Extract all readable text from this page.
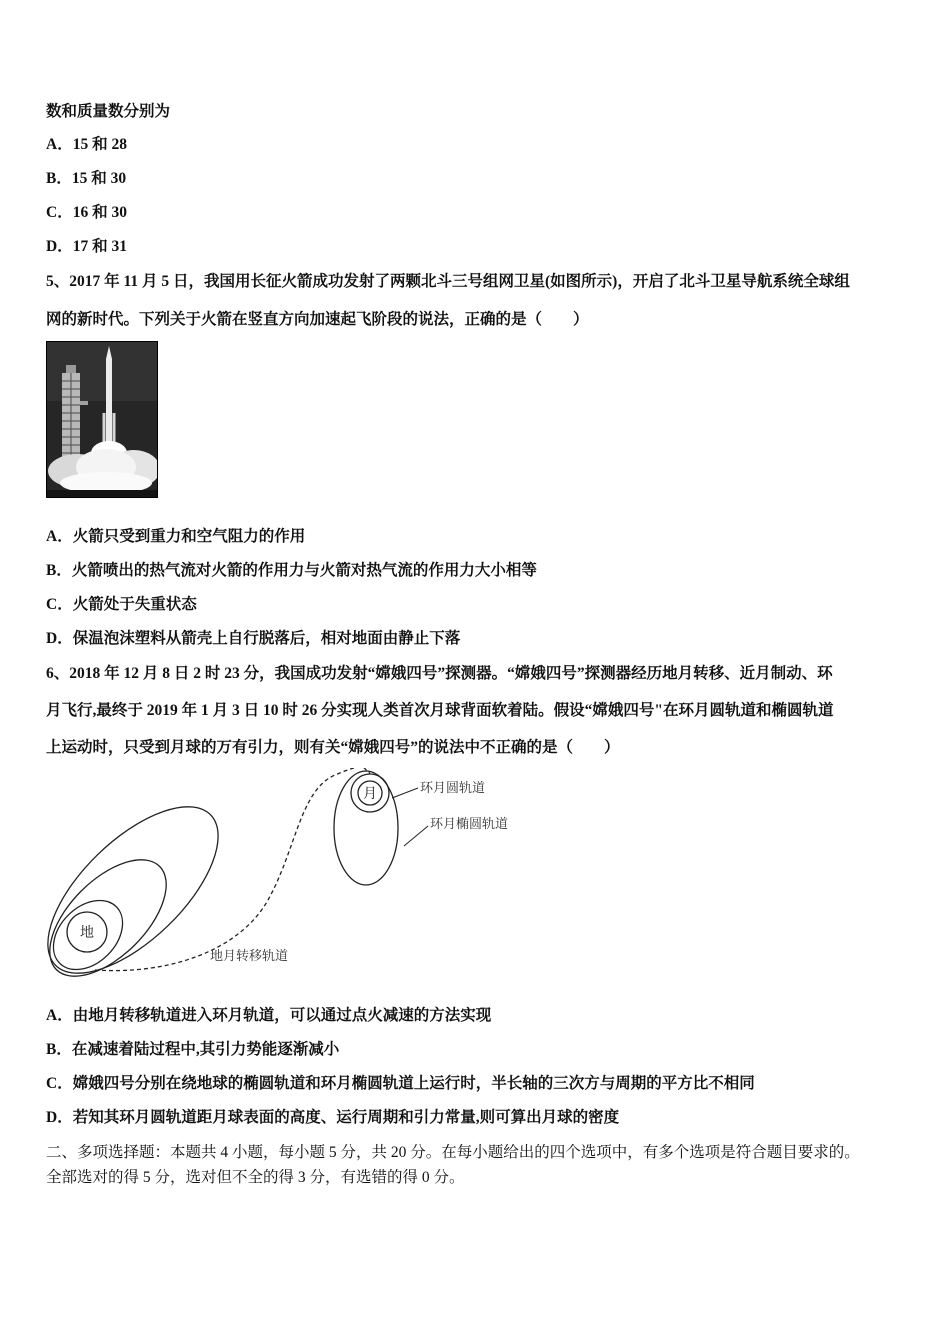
数和质量数分别为
A．15 和 28
B．15 和 30
C．16 和 30
D．17 和 31
5、2017 年 11 月 5 日，我国用长征火箭成功发射了两颗北斗三号组网卫星(如图所示)，开启了北斗卫星导航系统全球组
网的新时代。下列关于火箭在竖直方向加速起飞阶段的说法，正确的是（　　）
A．火箭只受到重力和空气阻力的作用
B．火箭喷出的热气流对火箭的作用力与火箭对热气流的作用力大小相等
C．火箭处于失重状态
D．保温泡沫塑料从箭壳上自行脱落后，相对地面由静止下落
6、2018 年 12 月 8 日 2 时 23 分，我国成功发射“嫦娥四号”探测器。“嫦娥四号”探测器经历地月转移、近月制动、环
月飞行,最终于 2019 年 1 月 3 日 10 时 26 分实现人类首次月球背面软着陆。假设“嫦娥四号"在环月圆轨道和椭圆轨道
上运动时，只受到月球的万有引力，则有关“嫦娥四号”的说法中不正确的是（　　）
地
月	环月圆轨道
环月椭圆轨道
地月转移轨道
A．由地月转移轨道进入环月轨道，可以通过点火减速的方法实现
B．在减速着陆过程中,其引力势能逐渐减小
C．嫦娥四号分别在绕地球的椭圆轨道和环月椭圆轨道上运行时，半长轴的三次方与周期的平方比不相同
D．若知其环月圆轨道距月球表面的高度、运行周期和引力常量,则可算出月球的密度
二、多项选择题：本题共 4 小题，每小题 5 分，共 20 分。在每小题给出的四个选项中，有多个选项是符合题目要求的。
全部选对的得 5 分，选对但不全的得 3 分，有选错的得 0 分。
